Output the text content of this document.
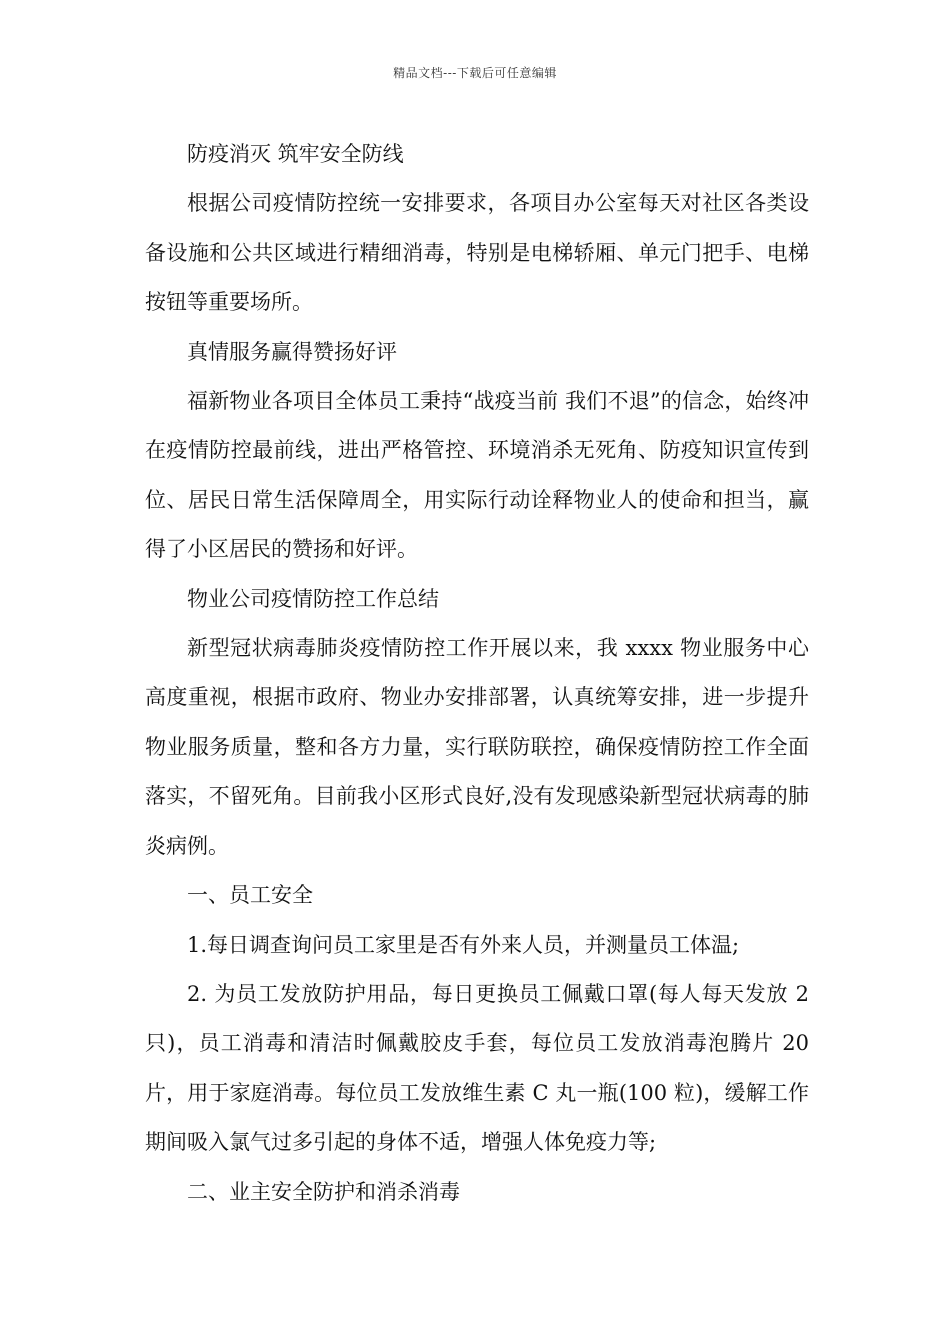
精品文档---下载后可任意编辑

防疫消灭 筑牢安全防线

根据公司疫情防控统一安排要求，各项目办公室每天对社区各类设备设施和公共区域进行精细消毒，特别是电梯轿厢、单元门把手、电梯按钮等重要场所。

真情服务赢得赞扬好评

福新物业各项目全体员工秉持“战疫当前 我们不退”的信念，始终冲在疫情防控最前线，进出严格管控、环境消杀无死角、防疫知识宣传到位、居民日常生活保障周全，用实际行动诠释物业人的使命和担当，赢得了小区居民的赞扬和好评。

物业公司疫情防控工作总结

新型冠状病毒肺炎疫情防控工作开展以来，我 xxxx 物业服务中心高度重视，根据市政府、物业办安排部署，认真统筹安排，进一步提升物业服务质量，整和各方力量，实行联防联控，确保疫情防控工作全面落实，不留死角。目前我小区形式良好,没有发现感染新型冠状病毒的肺炎病例。

一、员工安全

1.每日调查询问员工家里是否有外来人员，并测量员工体温;

2. 为员工发放防护用品，每日更换员工佩戴口罩(每人每天发放 2 只)，员工消毒和清洁时佩戴胶皮手套，每位员工发放消毒泡腾片 20 片，用于家庭消毒。每位员工发放维生素 C 丸一瓶(100 粒)，缓解工作期间吸入氯气过多引起的身体不适，增强人体免疫力等;

二、业主安全防护和消杀消毒
